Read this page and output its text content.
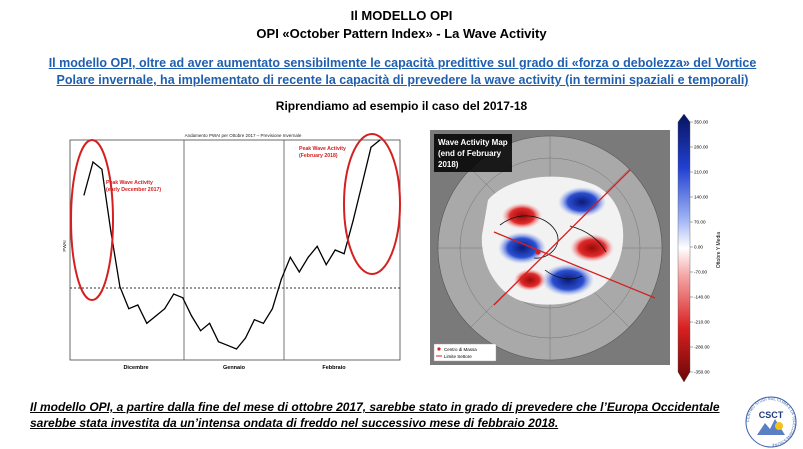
Il MODELLO OPI
OPI «October Pattern Index» - La Wave Activity
Il modello OPI, oltre ad aver aumentato sensibilmente le capacità predittive sul grado di «forza o debolezza» del Vortice Polare invernale, ha implementato di recente la capacità di prevedere la wave activity (in termini spaziali e temporali)
Riprendiamo ad esempio il caso del 2017-18
Andamento PWAI per Ottobre 2017 – Previsione Invernale
PWAI
Dicembre	Gennaio	Febbraio
Peak Wave Activity
(early December 2017)
Peak Wave Activity
(February 2018)
Wave Activity Map
(end of February
2018)
Centro di Massa
Limite Settore
350.00
280.00
210.00
140.00
70.00
0.00
-70.00
-140.00
-210.00
-280.00
-350.00
Ottobre Y Media
Il modello OPI, a partire dalla fine del mese di ottobre 2017, sarebbe stato in grado di prevedere che l’Europa Occidentale
sarebbe stata investita da un’intensa ondata di freddo nel successivo mese di febbraio 2018.	CENTRO STUDI SUL CLIMA E LA TELECONNESSIONE
CSCT
